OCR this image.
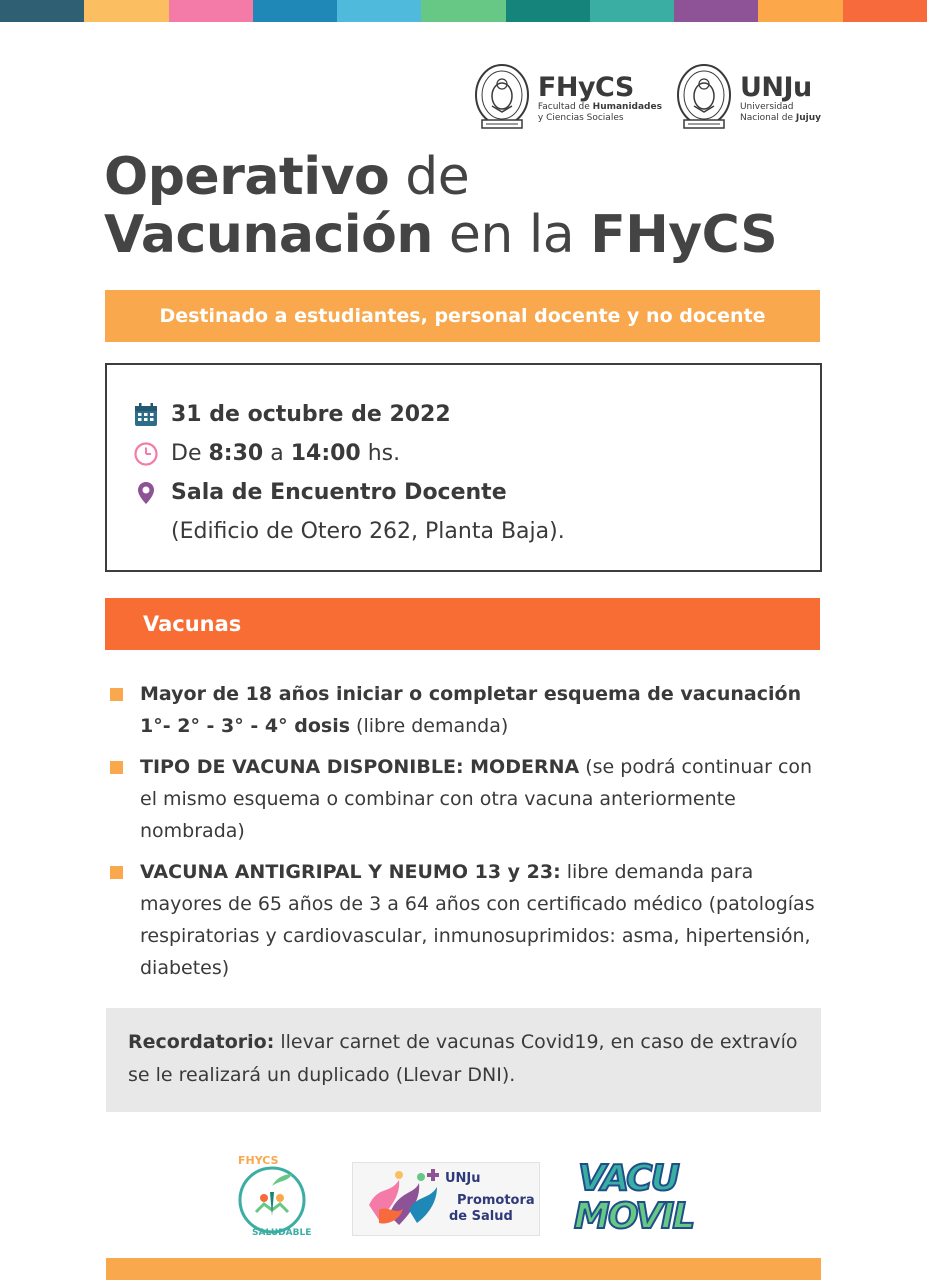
FHyCS
Facultad de Humanidades
y Ciencias Sociales
UNJu
Universidad
Nacional de Jujuy
Operativo de
Vacunación en la FHyCS
Destinado a estudiantes, personal docente y no docente
31 de octubre de 2022
De
8:30
a
14:00
hs.
Sala de Encuentro Docente
(Edificio de Otero 262, Planta Baja).
Vacunas
Mayor de 18 años iniciar o completar esquema de vacunación 1°- 2° - 3° - 4° dosis (libre demanda)
TIPO DE VACUNA DISPONIBLE: MODERNA (se podrá continuar con el mismo esquema o combinar con otra vacuna anteriormente nombrada)
VACUNA ANTIGRIPAL Y NEUMO 13 y 23: libre demanda para mayores de 65 años de 3 a 64 años con certificado médico (patologías respiratorias y cardiovascular, inmunosuprimidos: asma, hipertensión, diabetes)
Recordatorio: llevar carnet de vacunas Covid19, en caso de extravío se le realizará un duplicado (Llevar DNI).
FHYCS
SALUDABLE
UNJu
Promotora
de Salud
VACU
MOVIL
